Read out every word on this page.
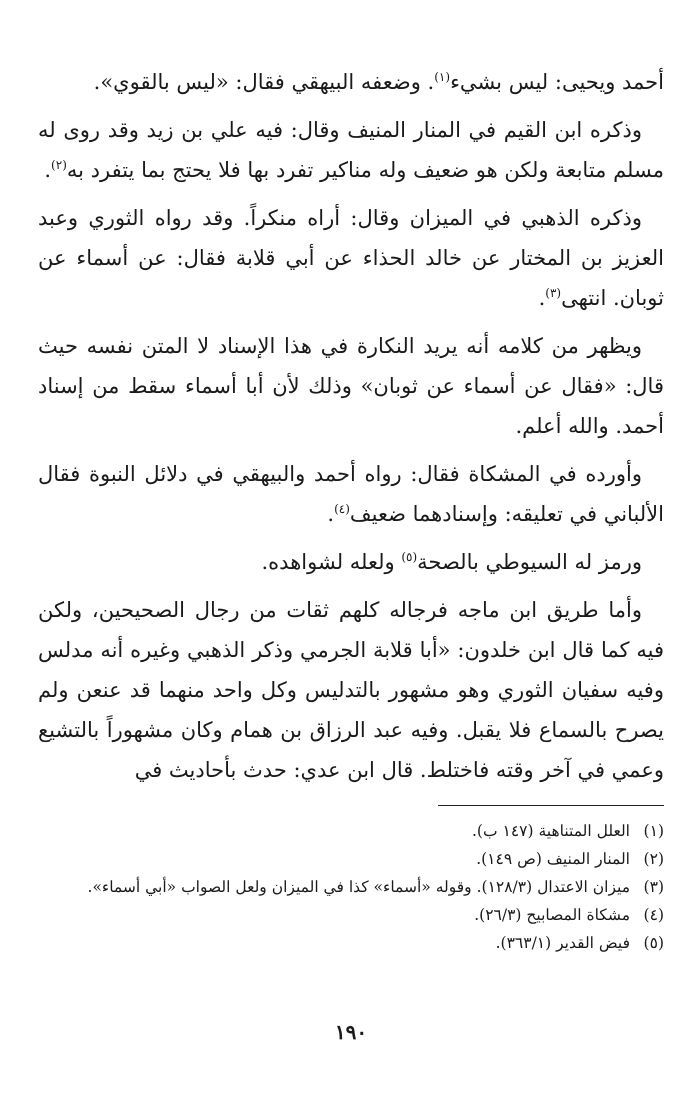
أحمد ويحيى: ليس بشيء$^{(١)}$. وضعفه البيهقي فقال: «ليس بالقوي».

وذكره ابن القيم في المنار المنيف وقال: فيه علي بن زيد وقد روى له مسلم متابعة ولكن هو ضعيف وله مناكير تفرد بها فلا يحتج بما يتفرد به$^{(٢)}$.

وذكره الذهبي في الميزان وقال: أراه منكراً. وقد رواه الثوري وعبد العزيز بن المختار عن خالد الحذاء عن أبي قلابة فقال: عن أسماء عن ثوبان. انتهى$^{(٣)}$.

ويظهر من كلامه أنه يريد النكارة في هذا الإسناد لا المتن نفسه حيث قال: «فقال عن أسماء عن ثوبان» وذلك لأن أبا أسماء سقط من إسناد أحمد. والله أعلم.

وأورده في المشكاة فقال: رواه أحمد والبيهقي في دلائل النبوة فقال الألباني في تعليقه: وإسنادهما ضعيف$^{(٤)}$.

ورمز له السيوطي بالصحة$^{(٥)}$ ولعله لشواهده.

وأما طريق ابن ماجه فرجاله كلهم ثقات من رجال الصحيحين، ولكن فيه كما قال ابن خلدون: «أبا قلابة الجرمي وذكر الذهبي وغيره أنه مدلس وفيه سفيان الثوري وهو مشهور بالتدليس وكل واحد منهما قد عنعن ولم يصرح بالسماع فلا يقبل. وفيه عبد الرزاق بن همام وكان مشهوراً بالتشيع وعمي في آخر وقته فاختلط. قال ابن عدي: حدث بأحاديث في

(١)
العلل المتناهية (١٤٧ ب).
(٢)
المنار المنيف (ص ١٤٩).
(٣)
ميزان الاعتدال (١٢٨/٣). وقوله «أسماء» كذا في الميزان ولعل الصواب «أبي أسماء».
(٤)
مشكاة المصابيح (٢٦/٣).
(٥)
فيض القدير (٣٦٣/١).
١٩٠
